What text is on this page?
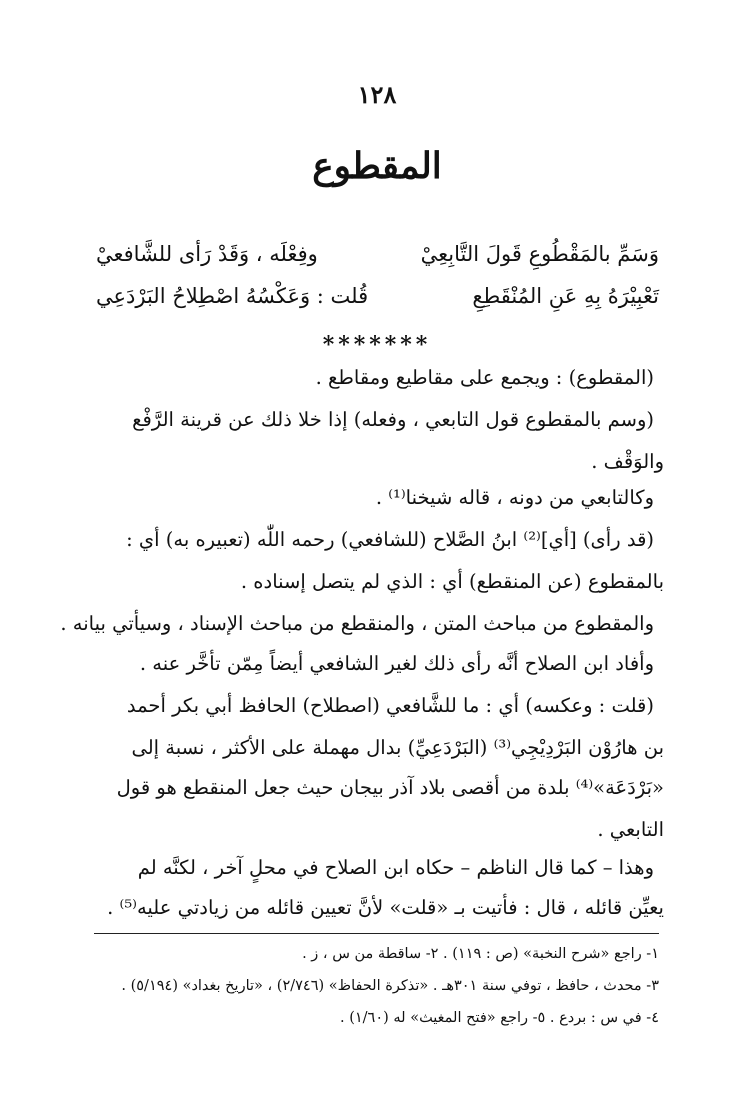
١٢٨
المقطوع
وَسَمِّ بالمَقْطُوعِ قَولَ التَّابِعِيْ
وفِعْلَه ، وَقَدْ رَأى للشَّافعيْ
تَعْبِيْرَهُ بِهِ عَنِ المُنْقَطِعِ
قُلت : وَعَكْسُهُ اصْطِلاحُ البَرْدَعِي
*******
(المقطوع) : ويجمع على مقاطيع ومقاطع .
(وسم بالمقطوع قول التابعي ، وفعله) إذا خلا ذلك عن قرينة الرَّفْع
والوَقْف .
وكالتابعي من دونه ، قاله شيخنا⁽¹⁾ .
(قد رأى) [أي]⁽²⁾ ابنُ الصَّلاح (للشافعي) رحمه اللّٰه (تعبيره به) أي :
بالمقطوع (عن المنقطع) أي : الذي لم يتصل إسناده .
والمقطوع من مباحث المتن ، والمنقطع من مباحث الإسناد ، وسيأتي بيانه .
وأفاد ابن الصلاح أنَّه رأى ذلك لغير الشافعي أيضاً مِمّن تأخَّر عنه .
(قلت : وعكسه) أي : ما للشَّافعي (اصطلاح) الحافظ أبي بكر أحمد
بن هارُوْن البَرْدِيْجِي⁽³⁾ (البَرْدَعِيِّ) بدال مهملة على الأكثر ، نسبة إلى
«بَرْدَعَة»⁽⁴⁾ بلدة من أقصى بلاد آذر بيجان حيث جعل المنقطع هو قول
التابعي .
وهذا – كما قال الناظم – حكاه ابن الصلاح في محلٍ آخر ، لكنَّه لم
يعيِّن قائله ، قال : فأتيت بـ «قلت» لأنَّ تعيين قائله من زيادتي عليه⁽⁵⁾ .
١- راجع «شرح النخبة» (ص : ١١٩) . ٢- ساقطة من س ، ز .
٣- محدث ، حافظ ، توفي سنة ٣٠١هـ . «تذكرة الحفاظ» (٢/٧٤٦) ، «تاريخ بغداد» (٥/١٩٤) .
٤- في س : بردع . ٥- راجع «فتح المغيث» له (١/٦٠) .
